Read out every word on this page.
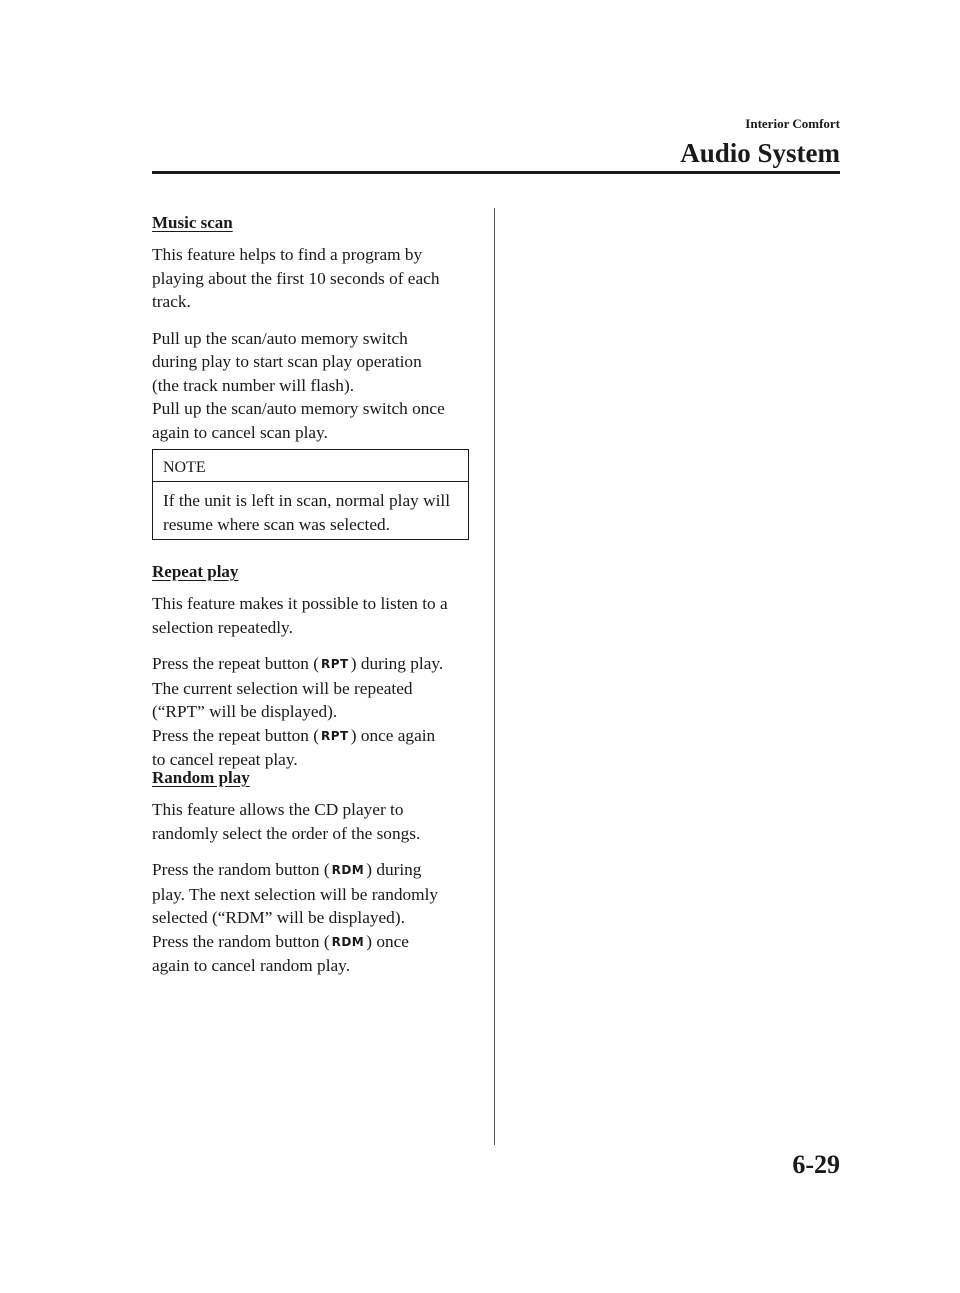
Interior Comfort
Audio System

Music scan

This feature helps to find a program by playing about the first 10 seconds of each track.

Pull up the scan/auto memory switch

during play to start scan play operation

(the track number will flash).

Pull up the scan/auto memory switch once

again to cancel scan play.

NOTE
If the unit is left in scan, normal play will resume where scan was selected.

Repeat play

This feature makes it possible to listen to a selection repeatedly.

Press the repeat button ( RPT ) during play.

The current selection will be repeated

(“RPT” will be displayed).

Press the repeat button ( RPT ) once again

to cancel repeat play.

Random play

This feature allows the CD player to randomly select the order of the songs.

Press the random button ( RDM ) during

play. The next selection will be randomly

selected (“RDM” will be displayed).

Press the random button ( RDM ) once

again to cancel random play.

6-29
